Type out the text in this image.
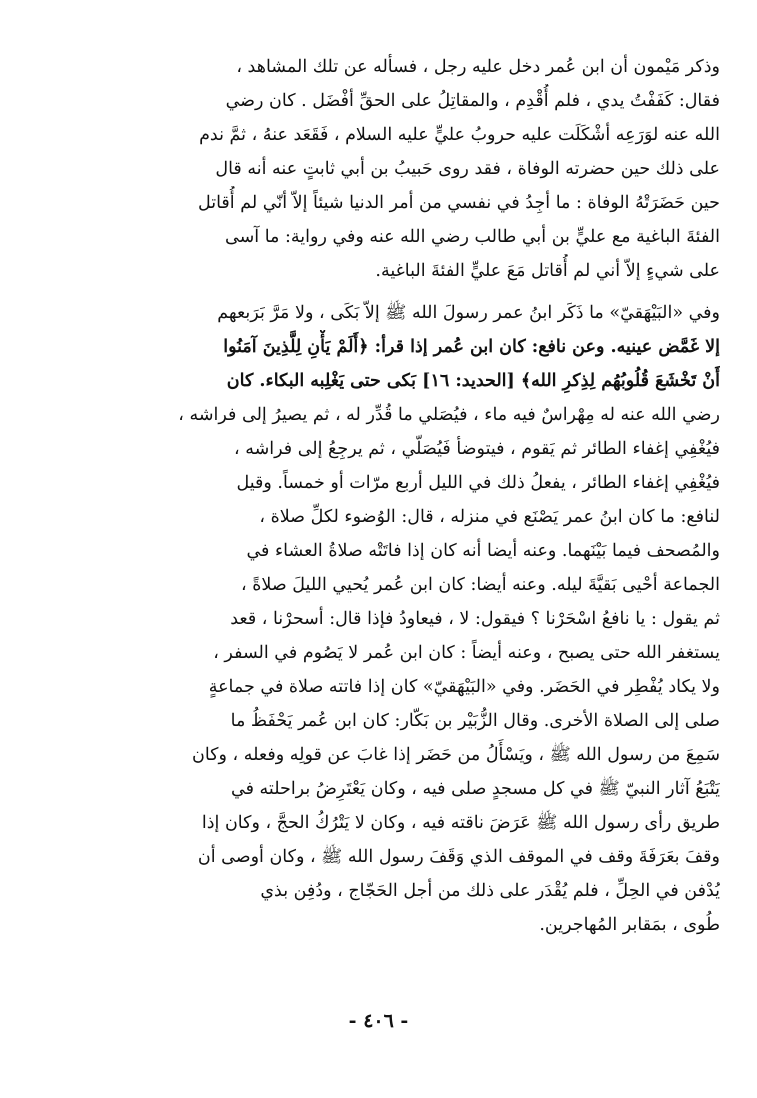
وذكر مَيْمون أن ابن عُمر دخل عليه رجل ، فسأله عن تلك المشاهد ،
فقال: كَفَفْتُ يدي ، فلم أُقْدِم ، والمقاتِلُ على الحقِّ أفْضَل . كان رضي
الله عنه لوَرَعِه أشْكَلَت عليه حروبُ عليٍّ عليه السلام ، فَقَعَد عنهُ ، ثمَّ ندم
على ذلك حين حضرته الوفاة ، فقد روى حَبيبُ بن أبي ثابتٍ عنه أنه قال
حين حَضَرَتْهُ الوفاة : ما أجِدُ في نفسي من أمر الدنيا شيئاً إلاّ أنّي لم أُقاتل
الفئةَ الباغية مع عليٍّ بن أبي طالب رضي الله عنه وفي رواية: ما آسى
على شيءٍ إلاّ أني لم أُقاتل مَعَ عليٍّ الفئةَ الباغية.

وفي «البَيْهَقيّ» ما ذَكَر ابنُ عمر رسولَ الله ﷺ إلاّ بَكَى ، ولا مَرَّ بَرَبعهم
إلا غَمَّض عينيه. وعن نافع: كان ابن عُمر إذا قرأ: ﴿أَلَمْ يَأْنِ لِلَّذِينَ آمَنُوا
أَنْ تَخْشَعَ قُلُوبُهُم لِذِكرِ الله﴾ [الحديد: ١٦] بَكى حتى يَغْلِبه البكاء. كان
رضي الله عنه له مِهْراسٌ فيه ماء ، فيُصَلي ما قُدِّر له ، ثم يصيرُ إلى فراشه ،
فيُغْفِي إغفاء الطائر ثم يَقوم ، فيتوضأ فَيُصَلّي ، ثم يرجِعُ إلى فراشه ،
فيُغْفِي إغفاء الطائر ، يفعلُ ذلك في الليل أربع مرّات أو خمساً. وقيل
لنافع: ما كان ابنُ عمر يَصْنَع في منزله ، قال: الوُضوء لكلِّ صلاة ،
والمُصحف فيما بَيْنَهما. وعنه أيضا أنه كان إذا فاتَتْه صلاةُ العشاء في
الجماعة أحْيى بَقيَّةَ ليله. وعنه أيضا: كان ابن عُمر يُحيي الليلَ صلاةً ،
ثم يقول : يا نافعُ اسْحَرْنا ؟ فيقول: لا ، فيعاودُ فإذا قال: أسحرْنا ، قعد
يستغفر الله حتى يصبح ، وعنه أيضاً : كان ابن عُمر لا يَصُوم في السفر ،
ولا يكاد يُفْطِر في الحَضَر. وفي «البَيْهَقيّ» كان إذا فاتته صلاة في جماعةٍ
صلى إلى الصلاة الأخرى. وقال الزُّبَيْر بن بَكّار: كان ابن عُمر يَحْفَظُ ما
سَمِعَ من رسول الله ﷺ ، ويَسْأَلُ من حَضَر إذا غابَ عن قولِه وفعله ، وكان
يَتْبَعُ آثار النبيّ ﷺ في كل مسجدٍ صلى فيه ، وكان يَعْتَرِضُ براحلته في
طريق رأى رسول الله ﷺ عَرَضَ ناقته فيه ، وكان لا يَتْرُكُ الحجَّ ، وكان إذا
وقفَ بعَرَفَةَ وقف في الموقف الذي وَقَفَ رسول الله ﷺ ، وكان أوصى أن
يُدْفن في الحِلِّ ، فلم يُقْدَر على ذلك من أجل الحَجّاج ، ودُفِن بذي
طُوى ، بمَقابر المُهاجرين.

- ٤٠٦ -
